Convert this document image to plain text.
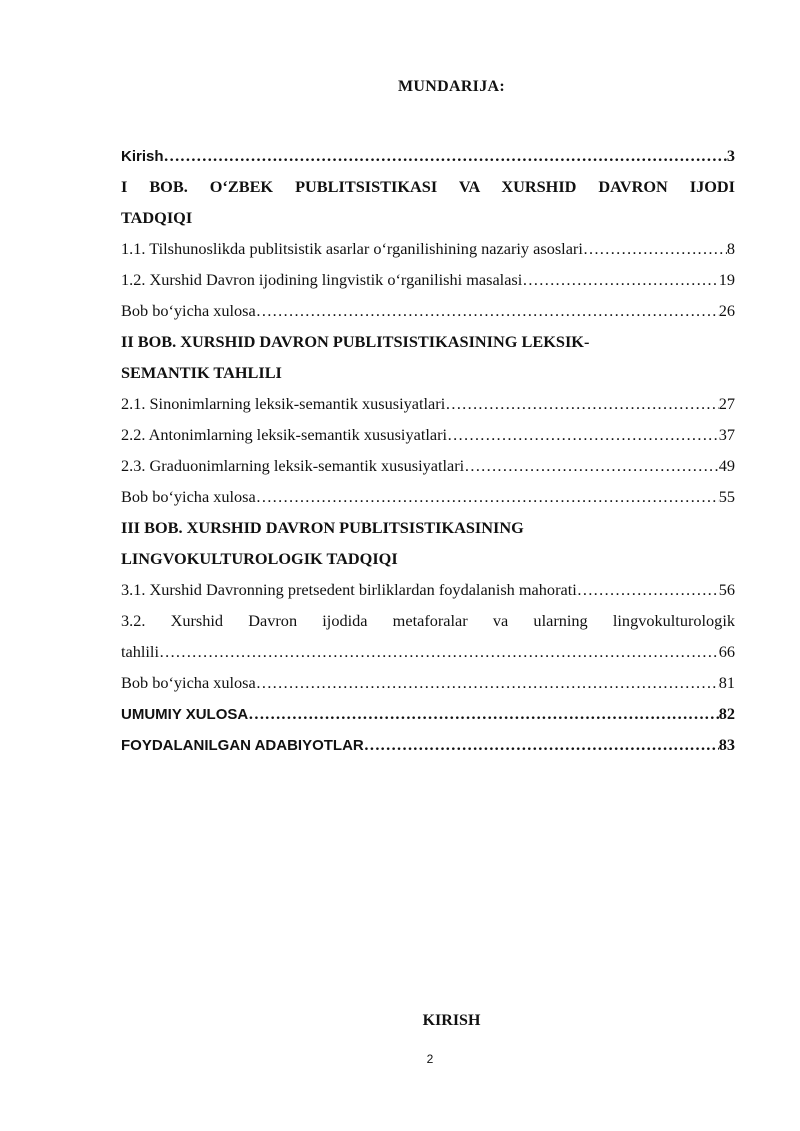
MUNDARIJA:
Kirish ……………………………………………………………………………………………………………………………………………………………………………	3
I BOB. O‘ZBEK PUBLITSISTIKASI VA XURSHID DAVRON IJODI
TADQIQI
1.1. Tilshunoslikda publitsistik asarlar o‘rganilishining nazariy asoslari ……………………………………………………………………………………………………………………………………………………………………………	8
1.2. Xurshid Davron ijodining lingvistik o‘rganilishi masalasi ……………………………………………………………………………………………………………………………………………………………………………	19
Bob bo‘yicha xulosa ……………………………………………………………………………………………………………………………………………………………………………	26
II BOB. XURSHID DAVRON PUBLITSISTIKASINING LEKSIK-
SEMANTIK TAHLILI
2.1. Sinonimlarning leksik-semantik xususiyatlari ……………………………………………………………………………………………………………………………………………………………………………	27
2.2. Antonimlarning leksik-semantik xususiyatlari ……………………………………………………………………………………………………………………………………………………………………………	37
2.3. Graduonimlarning leksik-semantik xususiyatlari ……………………………………………………………………………………………………………………………………………………………………………	49
Bob bo‘yicha xulosa ……………………………………………………………………………………………………………………………………………………………………………	55
III BOB. XURSHID DAVRON PUBLITSISTIKASINING
LINGVOKULTUROLOGIK TADQIQI
3.1. Xurshid Davronning pretsedent birliklardan foydalanish mahorati ……………………………………………………………………………………………………………………………………………………………………………	56
3.2. Xurshid Davron ijodida metaforalar va ularning lingvokulturologik
tahlili ……………………………………………………………………………………………………………………………………………………………………………	66
Bob bo‘yicha xulosa ……………………………………………………………………………………………………………………………………………………………………………	81
UMUMIY XULOSA ……………………………………………………………………………………………………………………………………………………………………………	82
FOYDALANILGAN ADABIYOTLAR ……………………………………………………………………………………………………………………………………………………………………………	83
KIRISH
2
